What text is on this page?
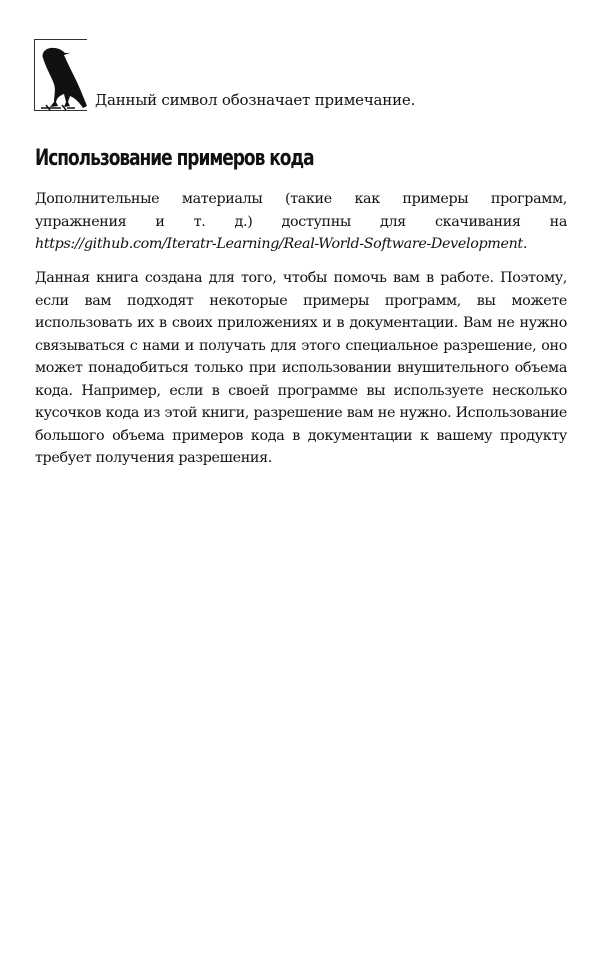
Данный символ обозначает примечание.
Использование примеров кода

Дополнительные материалы (такие как примеры программ, упражнения и т. д.) доступны для скачивания на https://github.com/Iteratr-Learning/Real-World-Software-Development.

Данная книга создана для того, чтобы помочь вам в работе. Поэтому, если вам подходят некоторые примеры программ, вы можете использовать их в своих приложениях и в документации. Вам не нужно связываться с нами и получать для этого специальное разрешение, оно может понадобиться только при использовании внушительного объема кода. Например, если в своей программе вы используете несколько кусочков кода из этой книги, разрешение вам не нужно. Использование большого объема примеров кода в документации к вашему продукту требует получения разрешения.
